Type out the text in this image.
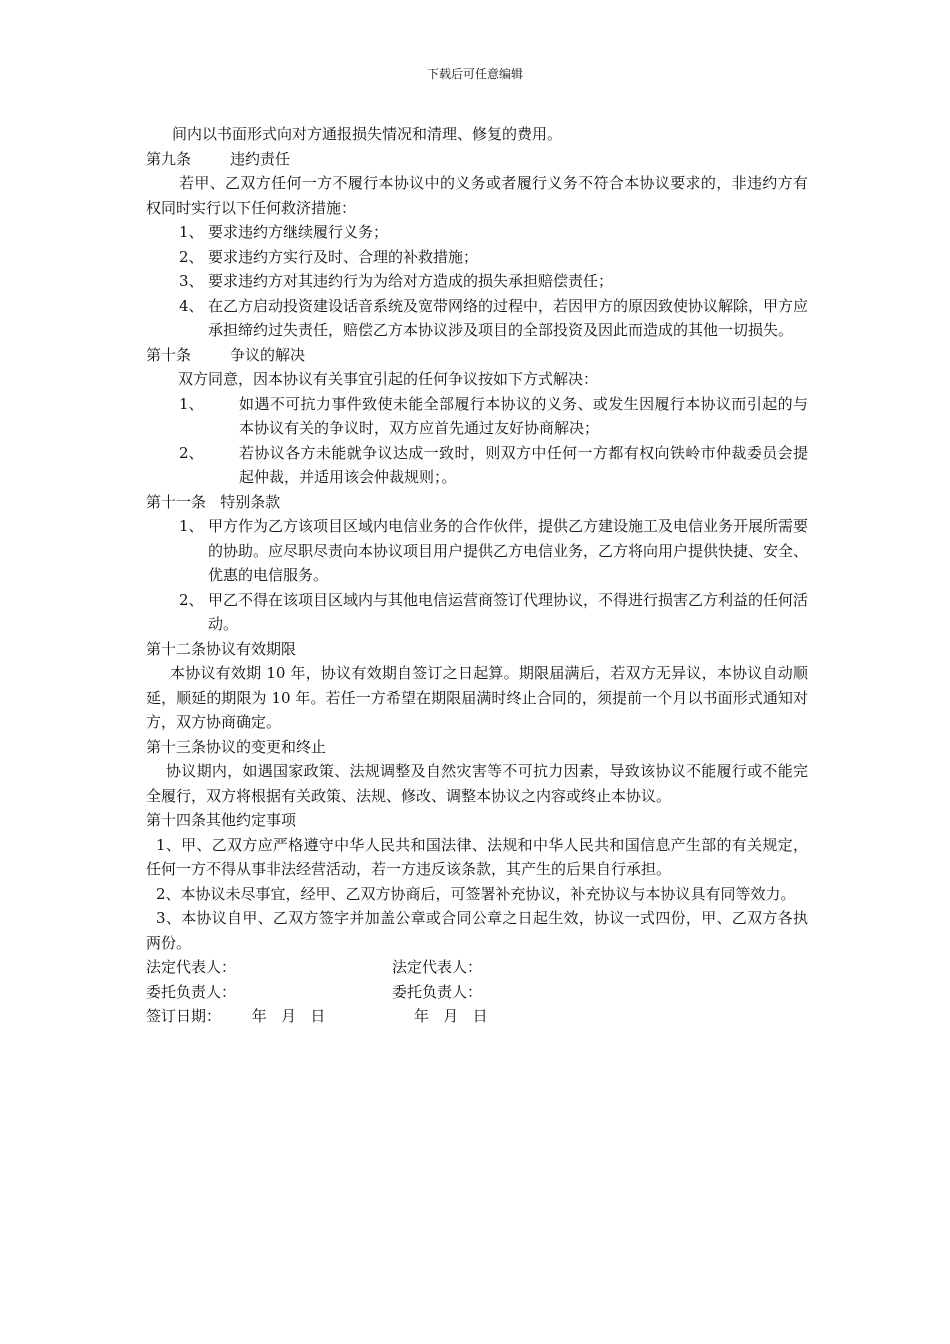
下载后可任意编辑

间内以书面形式向对方通报损失情况和清理、修复的费用。

第九条	违约责任

若甲、乙双方任何一方不履行本协议中的义务或者履行义务不符合本协议要求的，非违约方有权同时实行以下任何救济措施：

1、 要求违约方继续履行义务；
2、 要求违约方实行及时、合理的补救措施；
3、 要求违约方对其违约行为为给对方造成的损失承担赔偿责任；
4、 在乙方启动投资建设话音系统及宽带网络的过程中，若因甲方的原因致使协议解除，甲方应承担缔约过失责任，赔偿乙方本协议涉及项目的全部投资及因此而造成的其他一切损失。
第十条	争议的解决

双方同意，因本协议有关事宜引起的任何争议按如下方式解决：

1、	如遇不可抗力事件致使未能全部履行本协议的义务、或发生因履行本协议而引起的与本协议有关的争议时，双方应首先通过友好协商解决；
2、	若协议各方未能就争议达成一致时，则双方中任何一方都有权向铁岭市仲裁委员会提起仲裁，并适用该会仲裁规则；。

第十一条   特别条款

1、 甲方作为乙方该项目区域内电信业务的合作伙伴，提供乙方建设施工及电信业务开展所需要的协助。应尽职尽责向本协议项目用户提供乙方电信业务，乙方将向用户提供快捷、安全、优惠的电信服务。
2、 甲乙不得在该项目区域内与其他电信运营商签订代理协议，不得进行损害乙方利益的任何活动。

第十二条协议有效期限

本协议有效期 10 年，协议有效期自签订之日起算。期限届满后，若双方无异议，本协议自动顺延，顺延的期限为 10 年。若任一方希望在期限届满时终止合同的，须提前一个月以书面形式通知对方，双方协商确定。

第十三条协议的变更和终止

协议期内，如遇国家政策、法规调整及自然灾害等不可抗力因素，导致该协议不能履行或不能完全履行，双方将根据有关政策、法规、修改、调整本协议之内容或终止本协议。

第十四条其他约定事项

1、甲、乙双方应严格遵守中华人民共和国法律、法规和中华人民共和国信息产生部的有关规定，任何一方不得从事非法经营活动，若一方违反该条款，其产生的后果自行承担。

2、本协议未尽事宜，经甲、乙双方协商后，可签署补充协议，补充协议与本协议具有同等效力。

3、本协议自甲、乙双方签字并加盖公章或合同公章之日起生效，协议一式四份，甲、乙双方各执两份。

法定代表人：	法定代表人：
委托负责人：	委托负责人：
签订日期： 年   月   日	年   月   日
